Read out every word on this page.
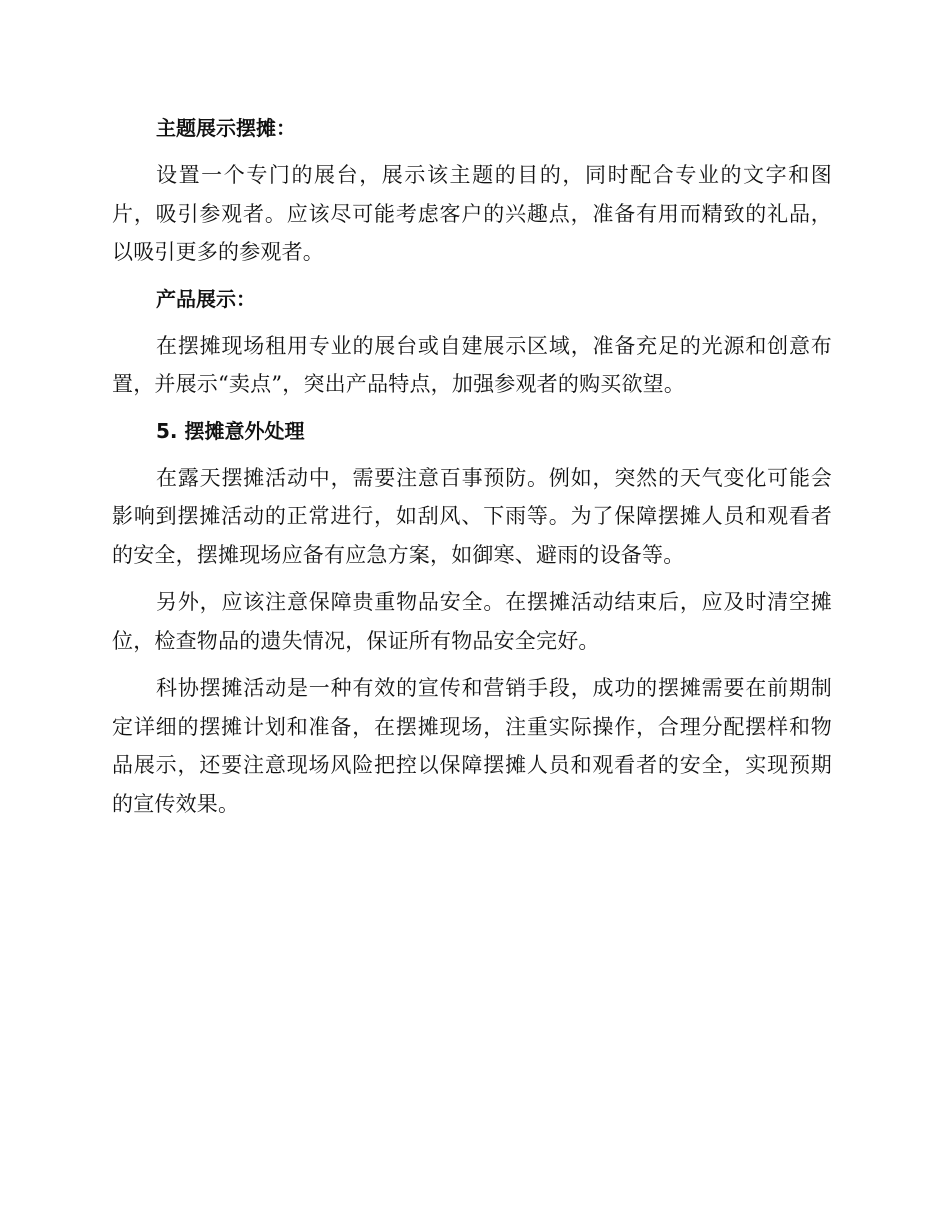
主题展示摆摊：

设置一个专门的展台，展示该主题的目的，同时配合专业的文字和图片，吸引参观者。应该尽可能考虑客户的兴趣点，准备有用而精致的礼品，以吸引更多的参观者。

产品展示：

在摆摊现场租用专业的展台或自建展示区域，准备充足的光源和创意布置，并展示“卖点”，突出产品特点，加强参观者的购买欲望。

5. 摆摊意外处理

在露天摆摊活动中，需要注意百事预防。例如，突然的天气变化可能会影响到摆摊活动的正常进行，如刮风、下雨等。为了保障摆摊人员和观看者的安全，摆摊现场应备有应急方案，如御寒、避雨的设备等。

另外，应该注意保障贵重物品安全。在摆摊活动结束后，应及时清空摊位，检查物品的遗失情况，保证所有物品安全完好。

科协摆摊活动是一种有效的宣传和营销手段，成功的摆摊需要在前期制定详细的摆摊计划和准备，在摆摊现场，注重实际操作，合理分配摆样和物品展示，还要注意现场风险把控以保障摆摊人员和观看者的安全，实现预期的宣传效果。
